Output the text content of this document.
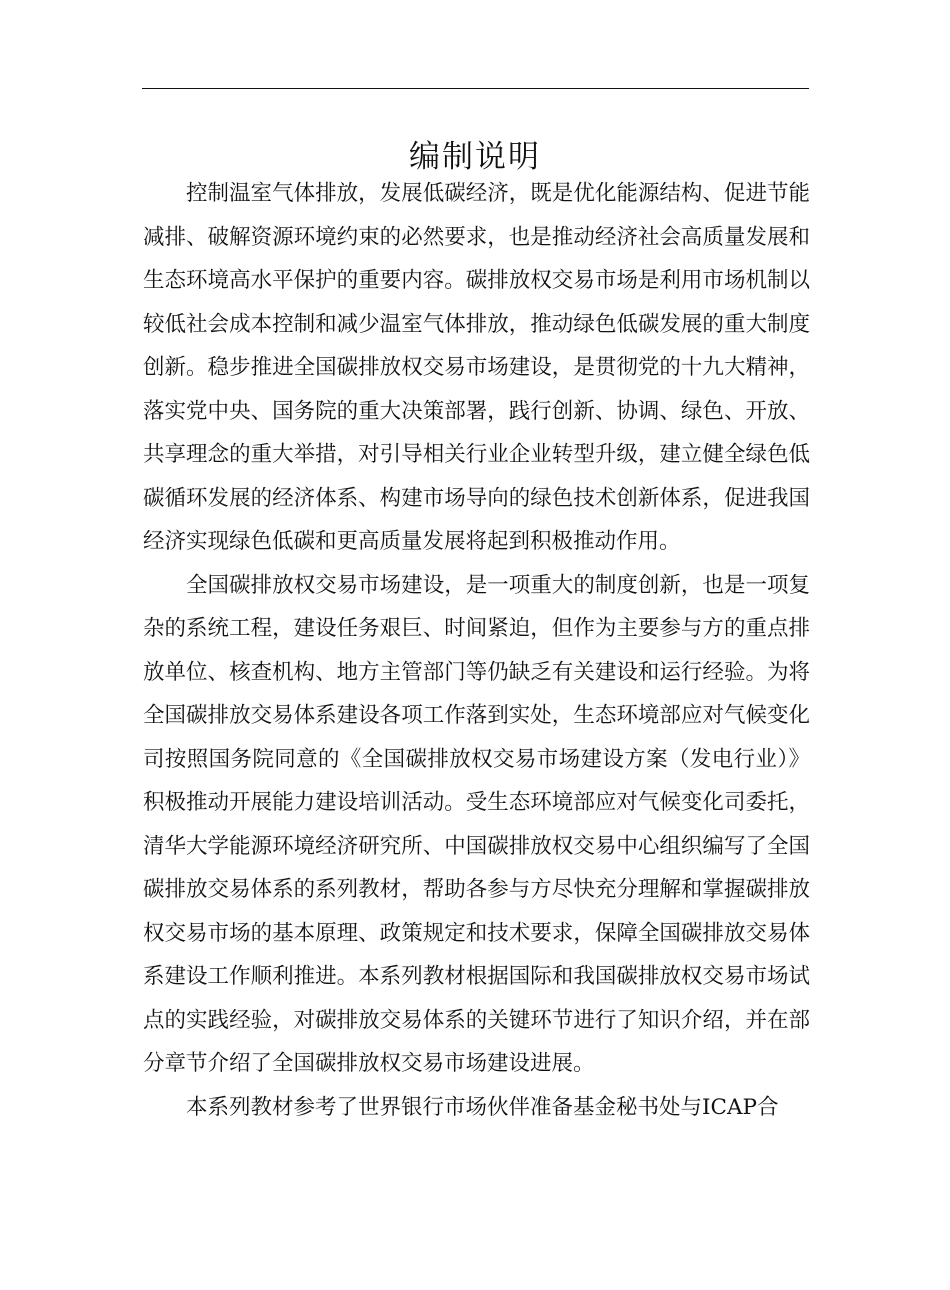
编制说明

控制温室气体排放，发展低碳经济，既是优化能源结构、促进节能减排、破解资源环境约束的必然要求，也是推动经济社会高质量发展和生态环境高水平保护的重要内容。碳排放权交易市场是利用市场机制以较低社会成本控制和减少温室气体排放，推动绿色低碳发展的重大制度创新。稳步推进全国碳排放权交易市场建设，是贯彻党的十九大精神，落实党中央、国务院的重大决策部署，践行创新、协调、绿色、开放、共享理念的重大举措，对引导相关行业企业转型升级，建立健全绿色低碳循环发展的经济体系、构建市场导向的绿色技术创新体系，促进我国经济实现绿色低碳和更高质量发展将起到积极推动作用。

全国碳排放权交易市场建设，是一项重大的制度创新，也是一项复杂的系统工程，建设任务艰巨、时间紧迫，但作为主要参与方的重点排放单位、核查机构、地方主管部门等仍缺乏有关建设和运行经验。为将全国碳排放交易体系建设各项工作落到实处，生态环境部应对气候变化司按照国务院同意的《全国碳排放权交易市场建设方案（发电行业）》积极推动开展能力建设培训活动。受生态环境部应对气候变化司委托，清华大学能源环境经济研究所、中国碳排放权交易中心组织编写了全国碳排放交易体系的系列教材，帮助各参与方尽快充分理解和掌握碳排放权交易市场的基本原理、政策规定和技术要求，保障全国碳排放交易体系建设工作顺利推进。本系列教材根据国际和我国碳排放权交易市场试点的实践经验，对碳排放交易体系的关键环节进行了知识介绍，并在部分章节介绍了全国碳排放权交易市场建设进展。

本系列教材参考了世界银行市场伙伴准备基金秘书处与ICAP合
